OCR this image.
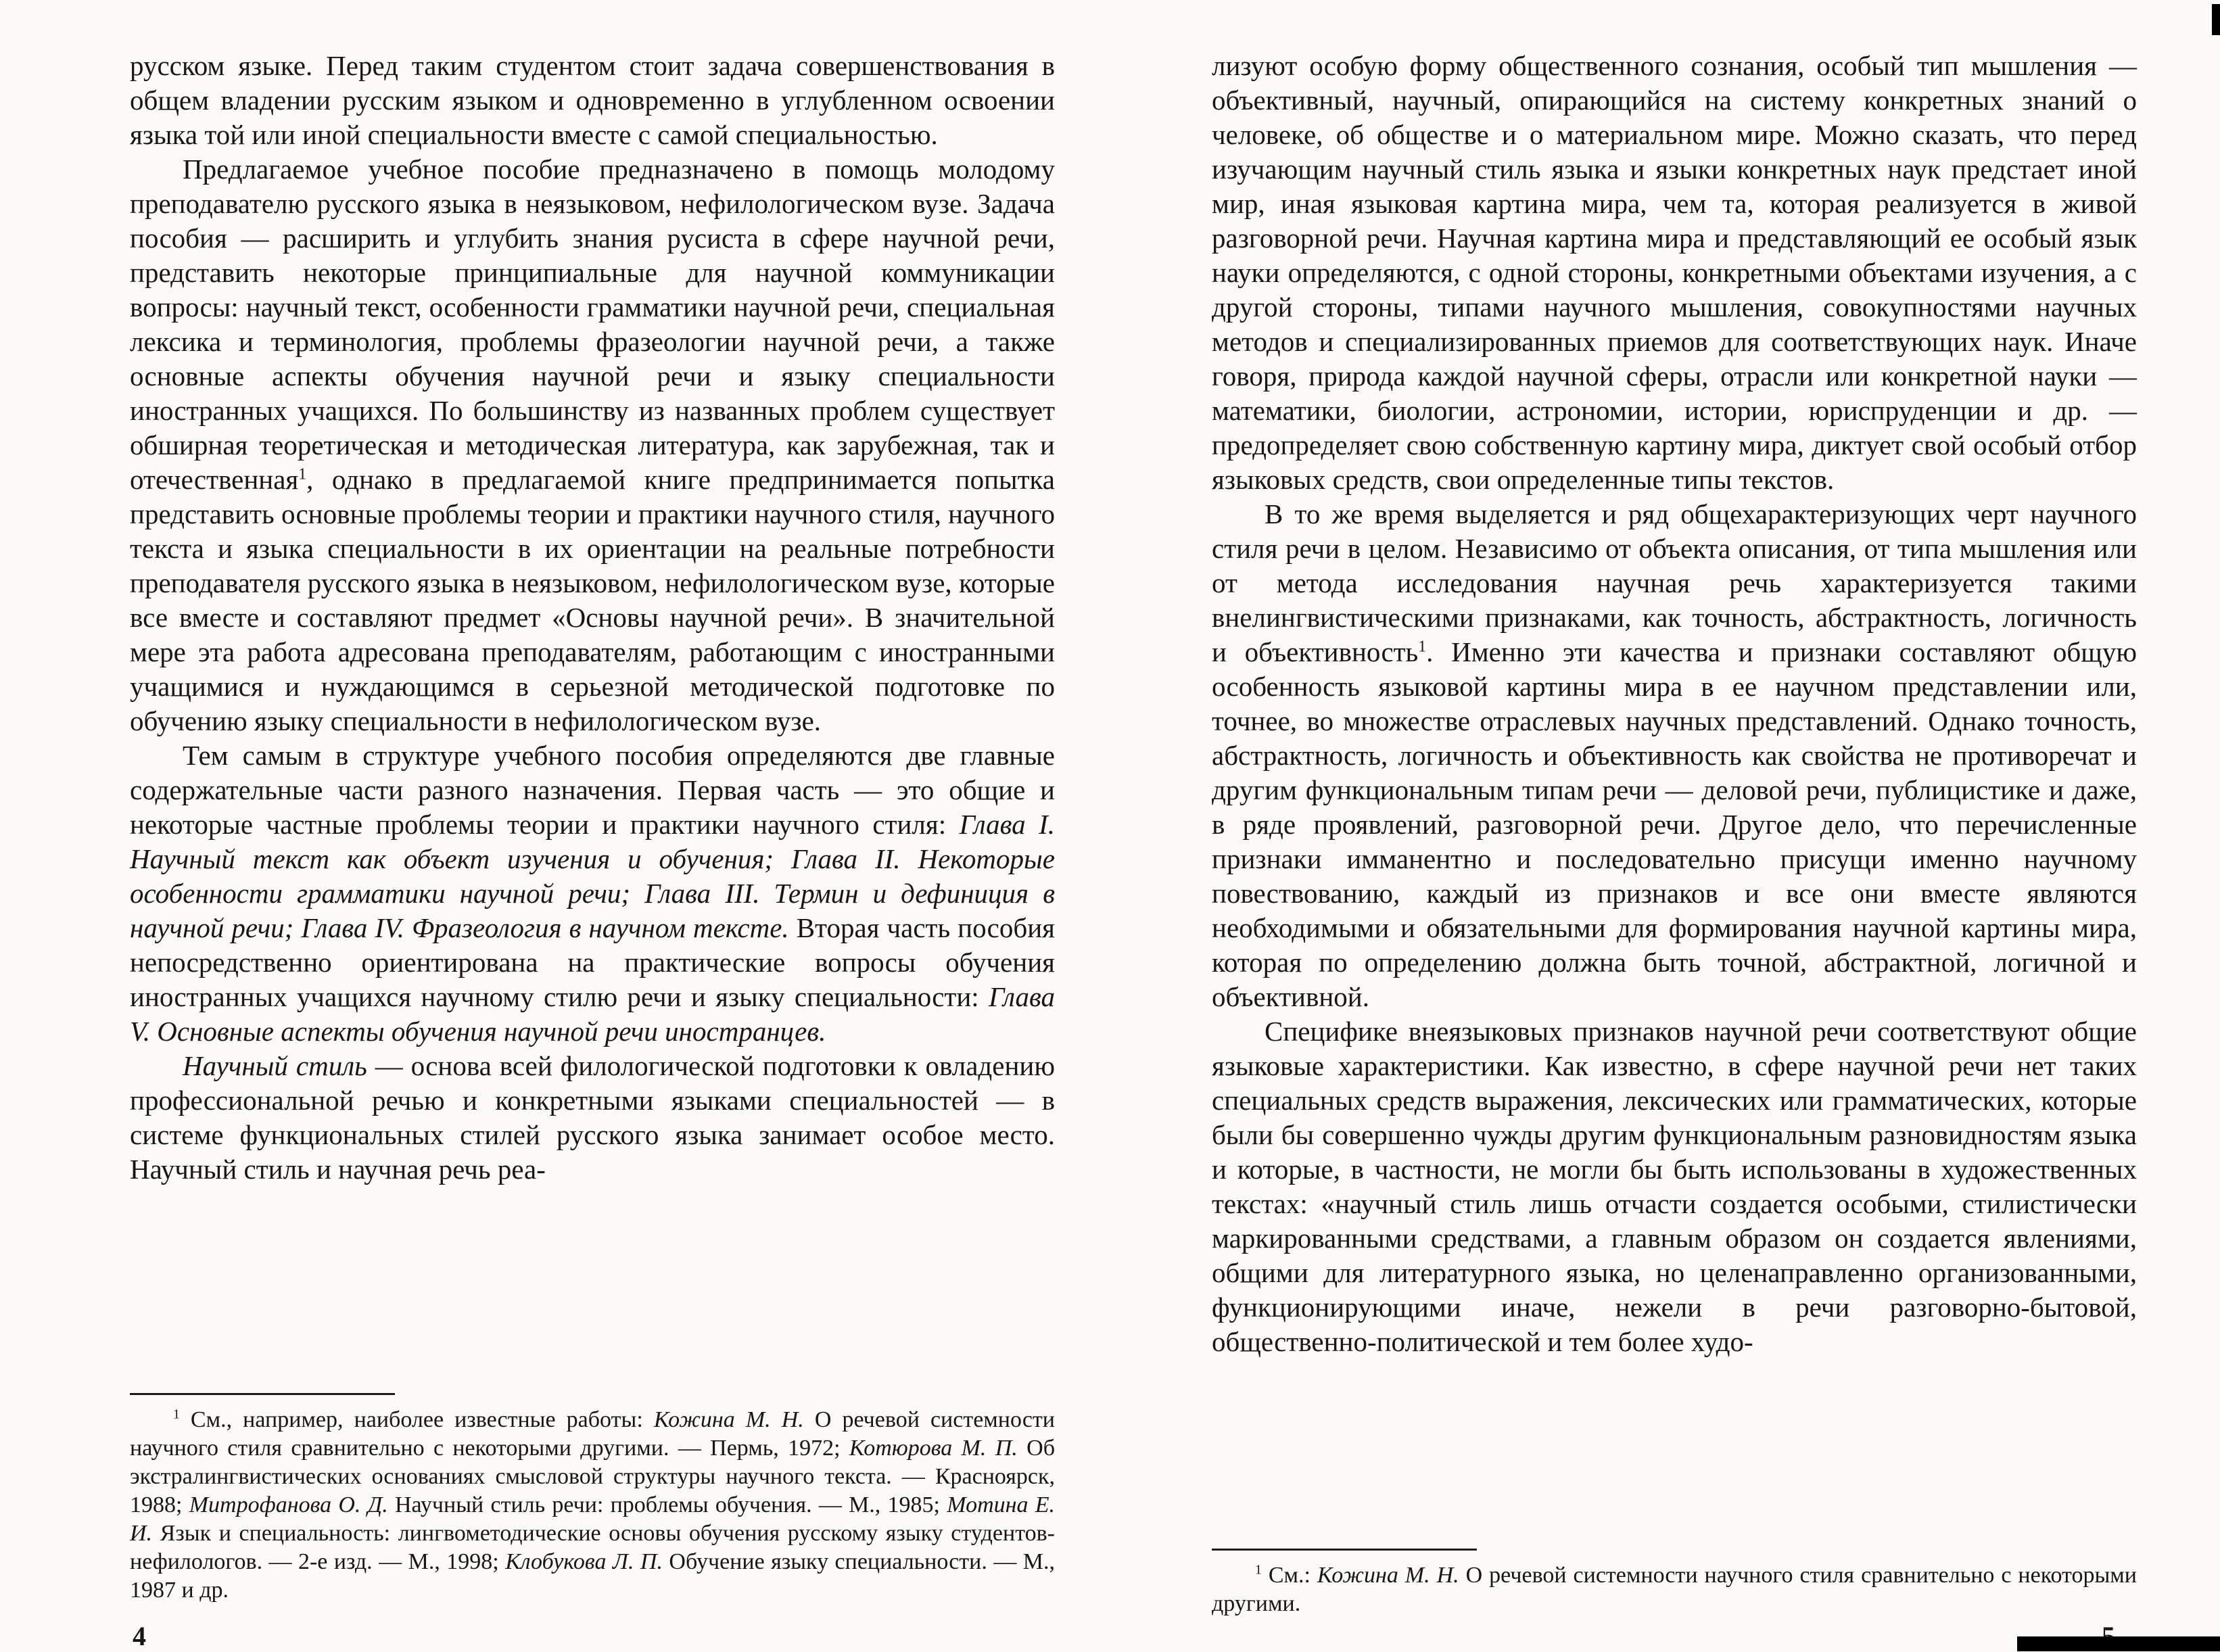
русском языке. Перед таким студентом стоит задача совершенствования в общем владении русским языком и одновременно в углубленном освоении языка той или иной специальности вместе с самой специальностью.

Предлагаемое учебное пособие предназначено в помощь молодому преподавателю русского языка в неязыковом, нефилологическом вузе. Задача пособия — расширить и углубить знания русиста в сфере научной речи, представить некоторые принципиальные для научной коммуникации вопросы: научный текст, особенности грамматики научной речи, специальная лексика и терминология, проблемы фразеологии научной речи, а также основные аспекты обучения научной речи и языку специальности иностранных учащихся. По большинству из названных проблем существует обширная теоретическая и методическая литература, как зарубежная, так и отечественная$^1$, однако в предлагаемой книге предпринимается попытка представить основные проблемы теории и практики научного стиля, научного текста и языка специальности в их ориентации на реальные потребности преподавателя русского языка в неязыковом, нефилологическом вузе, которые все вместе и составляют предмет «Основы научной речи». В значительной мере эта работа адресована преподавателям, работающим с иностранными учащимися и нуждающимся в серьезной методической подготовке по обучению языку специальности в нефилологическом вузе.

Тем самым в структуре учебного пособия определяются две главные содержательные части разного назначения. Первая часть — это общие и некоторые частные проблемы теории и практики научного стиля: Глава I. Научный текст как объект изучения и обучения; Глава II. Некоторые особенности грамматики научной речи; Глава III. Термин и дефиниция в научной речи; Глава IV. Фразеология в научном тексте. Вторая часть пособия непосредственно ориентирована на практические вопросы обучения иностранных учащихся научному стилю речи и языку специальности: Глава V. Основные аспекты обучения научной речи иностранцев.

Научный стиль — основа всей филологической подготовки к овладению профессиональной речью и конкретными языками специальностей — в системе функциональных стилей русского языка занимает особое место. Научный стиль и научная речь реа-

$^1$ См., например, наиболее известные работы: Кожина М. Н. О речевой системности научного стиля сравнительно с некоторыми другими. — Пермь, 1972; Котюрова М. П. Об экстралингвистических основаниях смысловой структуры научного текста. — Красноярск, 1988; Митрофанова О. Д. Научный стиль речи: проблемы обучения. — М., 1985; Мотина Е. И. Язык и специальность: лингвометодические основы обучения русскому языку студентов-нефилологов. — 2-е изд. — М., 1998; Клобукова Л. П. Обучение языку специальности. — М., 1987 и др.

лизуют особую форму общественного сознания, особый тип мышления — объективный, научный, опирающийся на систему конкретных знаний о человеке, об обществе и о материальном мире. Можно сказать, что перед изучающим научный стиль языка и языки конкретных наук предстает иной мир, иная языковая картина мира, чем та, которая реализуется в живой разговорной речи. Научная картина мира и представляющий ее особый язык науки определяются, с одной стороны, конкретными объектами изучения, а с другой стороны, типами научного мышления, совокупностями научных методов и специализированных приемов для соответствующих наук. Иначе говоря, природа каждой научной сферы, отрасли или конкретной науки — математики, биологии, астрономии, истории, юриспруденции и др. — предопределяет свою собственную картину мира, диктует свой особый отбор языковых средств, свои определенные типы текстов.

В то же время выделяется и ряд общехарактеризующих черт научного стиля речи в целом. Независимо от объекта описания, от типа мышления или от метода исследования научная речь характеризуется такими внелингвистическими признаками, как точность, абстрактность, логичность и объективность$^1$. Именно эти качества и признаки составляют общую особенность языковой картины мира в ее научном представлении или, точнее, во множестве отраслевых научных представлений. Однако точность, абстрактность, логичность и объективность как свойства не противоречат и другим функциональным типам речи — деловой речи, публицистике и даже, в ряде проявлений, разговорной речи. Другое дело, что перечисленные признаки имманентно и последовательно присущи именно научному повествованию, каждый из признаков и все они вместе являются необходимыми и обязательными для формирования научной картины мира, которая по определению должна быть точной, абстрактной, логичной и объективной.

Специфике внеязыковых признаков научной речи соответствуют общие языковые характеристики. Как известно, в сфере научной речи нет таких специальных средств выражения, лексических или грамматических, которые были бы совершенно чужды другим функциональным разновидностям языка и которые, в частности, не могли бы быть использованы в художественных текстах: «научный стиль лишь отчасти создается особыми, стилистически маркированными средствами, а главным образом он создается явлениями, общими для литературного языка, но целенаправленно организованными, функционирующими иначе, нежели в речи разговорно-бытовой, общественно-политической и тем более худо-

$^1$ См.: Кожина М. Н. О речевой системности научного стиля сравнительно с некоторыми другими.

4
